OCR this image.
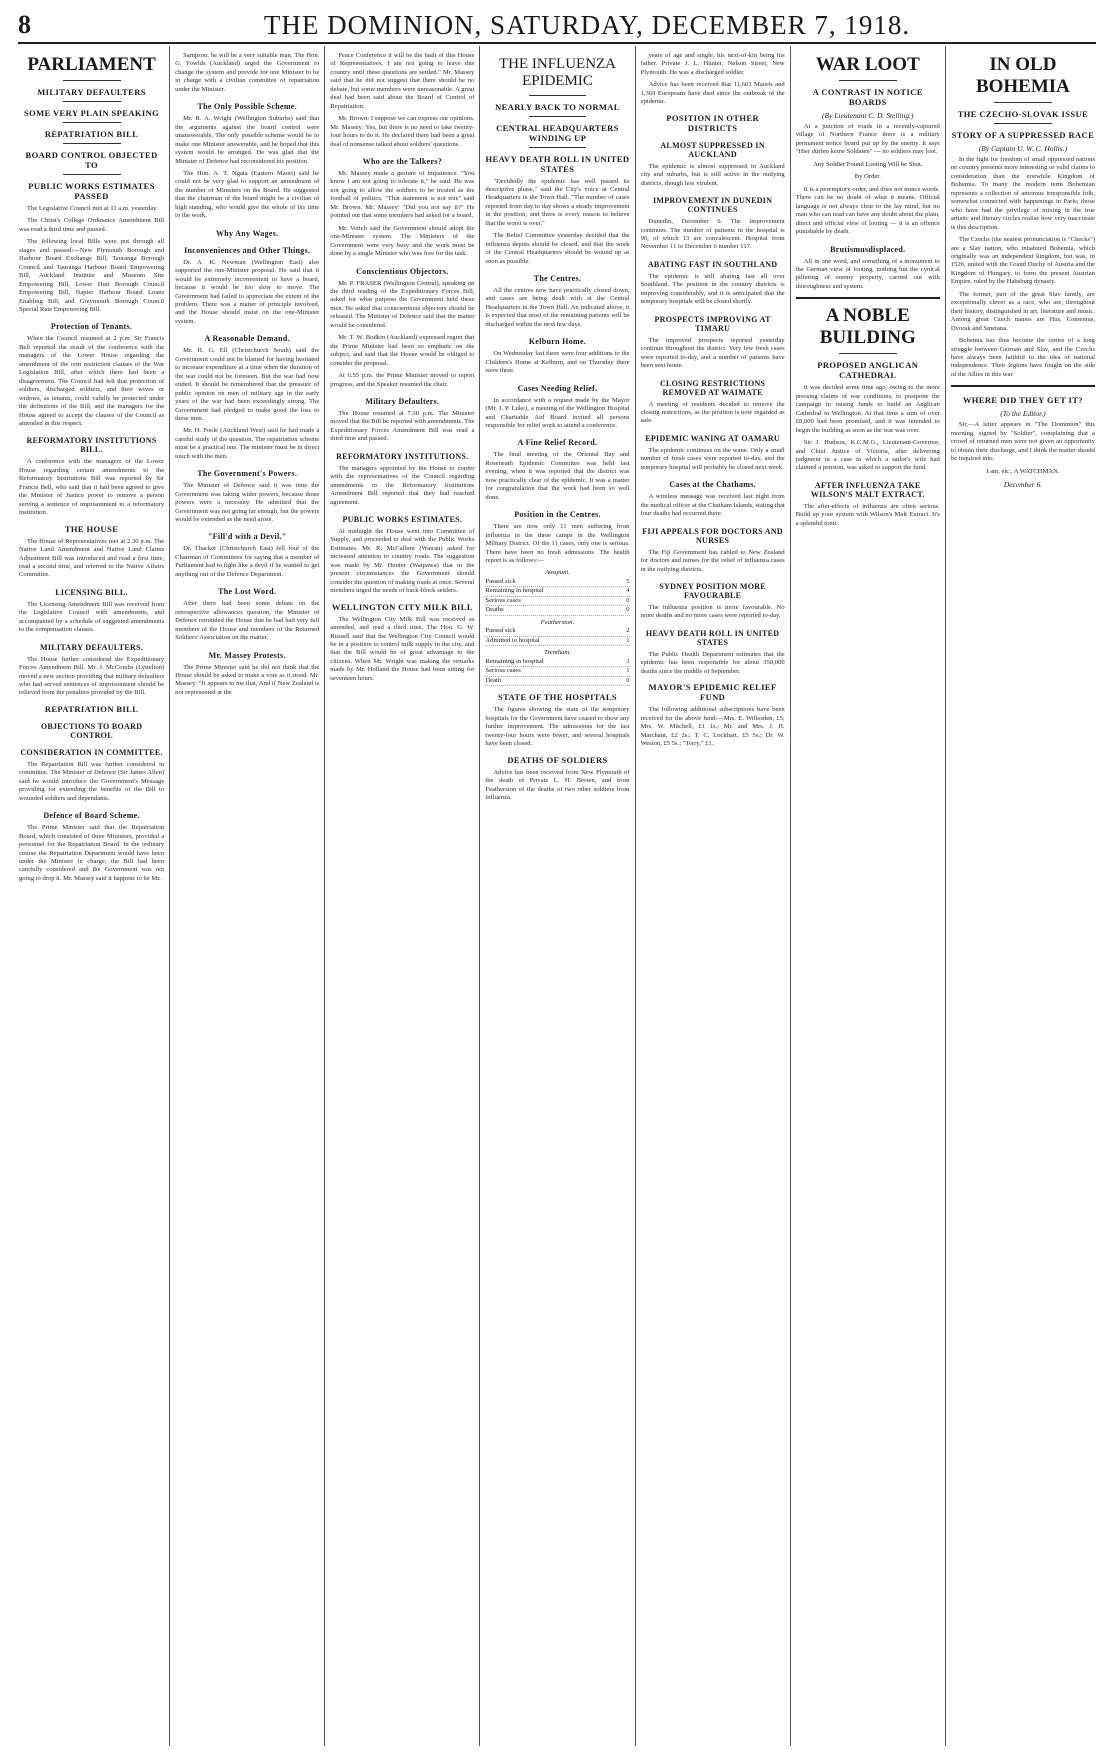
8	THE DOMINION, SATURDAY, DECEMBER 7, 1918.
PARLIAMENT
MILITARY DEFAULTERS
SOME VERY PLAIN SPEAKING
REPATRIATION BILL
BOARD CONTROL OBJECTED TO
PUBLIC WORKS ESTIMATES PASSED

The Legislative Council met at 11 a.m. yesterday.

The Christ's College Ordinance Amendment Bill was read a third time and passed.

The following local Bills were put through all stages and passed:—New Plymouth Borough and Harbour Board Exchange Bill, Tauranga Borough Council and Tauranga Harbour Board Empowering Bill, Auckland Institute and Museum Site Empowering Bill, Lower Hutt Borough Council Empowering Bill, Napier Harbour Board Loans Enabling Bill, and Greymouth Borough Council Special Rate Empowering Bill.

Protection of Tenants.

When the Council resumed at 2 p.m. Sir Francis Bell reported the result of the conference with the managers of the Lower House regarding the amendment of the rent restriction clauses of the War Legislation Bill, after which there had been a disagreement. The Council had felt that protection of soldiers, discharged soldiers, and their wives or widows, as tenants, could validly be protected under the definitions of the Bill, and the managers for the House agreed to accept the clauses of the Council as amended in this respect.

REFORMATORY INSTITUTIONS BILL.

A conference with the managers of the Lower House regarding certain amendments to the Reformatory Institutions Bill was reported by Sir Francis Bell, who said that it had been agreed to give the Minister of Justice power to remove a person serving a sentence of imprisonment to a reformatory institution.

THE HOUSE

The House of Representatives met at 2.30 p.m. The Native Land Amendment and Native Land Claims Adjustment Bill was introduced and read a first time, read a second time, and referred to the Native Affairs Committee.

LICENSING BILL.

The Licensing Amendment Bill was received from the Legislative Council with amendments, and accompanied by a schedule of suggested amendments to the compensation clauses.

MILITARY DEFAULTERS.

The House further considered the Expeditionary Forces Amendment Bill. Mr. J. McCombs (Lyttelton) moved a new section providing that military defaulters who had served sentences of imprisonment should be relieved from the penalties provided by the Bill.

REPATRIATION BILL
OBJECTIONS TO BOARD CONTROL
CONSIDERATION IN COMMITTEE.

The Repatriation Bill was further considered in committee. The Minister of Defence (Sir James Allen) said he would introduce the Government's Message providing for extending the benefits of the Bill to wounded soldiers and dependants.

Defence of Board Scheme.

The Prime Minister said that the Repatriation Board, which consisted of three Ministers, provided a personnel for the Repatriation Board. In the ordinary course the Repatriation Department would have been under the Minister in charge; the Bill had been carefully considered and the Government was not going to drop it. Mr. Massey said it happens to be Mr.

Sampson, he will be a very suitable man. The Hon. G. Fowlds (Auckland) urged the Government to change the system and provide for one Minister to be in charge with a civilian committee of repatriation under the Minister.

The Only Possible Scheme.

Mr. R. A. Wright (Wellington Suburbs) said that the arguments against the board control were unanswerable. The only possible scheme would be to make one Minister answerable, and he hoped that this system would be arranged. He was glad that the Minister of Defence had reconsidered his position.

The Hon. A. T. Ngata (Eastern Maori) said he could not be very glad to support an amendment of the number of Ministers on the Board. He suggested that the chairman of the board might be a civilian of high standing, who would give the whole of his time to the work.

Why Any Wages.
Inconveniences and Other Things.

Dr. A. K. Newman (Wellington East) also supported the one-Minister proposal. He said that it would be extremely inconvenient to have a board, because it would be too slow to move. The Government had failed to appreciate the extent of the problem. There was a matter of principle involved, and the House should insist on the one-Minister system.

A Reasonable Demand.

Mr. H. G. Ell (Christchurch South) said the Government could not be blamed for having hesitated to increase expenditure at a time when the duration of the war could not be foreseen. But the war had now ended. It should be remembered that the pressure of public opinion on men of military age in the early years of the war had been exceedingly strong. The Government had pledged to make good the loss to these men.

Mr. H. Poole (Auckland West) said he had made a careful study of the question. The repatriation scheme must be a practical one. The minister must be in direct touch with the men.

The Government's Powers.

The Minister of Defence said it was time the Government was taking wider powers, because those powers were a necessity. He admitted that the Government was not going far enough, but the powers would be extended as the need arose.

"Fill'd with a Devil."

Dr. Thacker (Christchurch East) fell foul of the Chairman of Committees for saying that a member of Parliament had to fight like a devil if he wanted to get anything out of the Defence Department.

The Lost Word.

After there had been some debate on the retrospective allowances question, the Minister of Defence reminded the House that he had had very full members of the House and members of the Returned Soldiers' Association on the matter.

Mr. Massey Protests.

The Prime Minister said he did not think that the House should be asked to make a vote as it stood. Mr. Massey: "It appears to me that, And if New Zealand is not represented at the

Peace Conference it will be the fault of this House of Representatives. I am not going to leave this country until these questions are settled." Mr. Massey said that he did not suggest that there should be no debate, but some members were unreasonable. A great deal had been said about the Board of Control of Repatriation.

Mr. Brown: I suppose we can express our opinions. Mr. Massey: Yes, but there is no need to take twenty-four hours to do it. He declared there had been a great deal of nonsense talked about soldiers' questions.

Who are the Talkers?

Mr. Massey made a gesture of impatience. "You know I am not going to tolerate it," he said. He was not going to allow the soldiers to be treated as the football of politics. "That statement is not true" said Mr. Brown. Mr. Massey: "Did you not say it?" He pointed out that some members had asked for a board.

Mr. Veitch said the Government should adopt the one-Minister system. The Ministers of the Government were very busy and the work must be done by a single Minister who was free for the task.

Conscientious Objectors.

Mr. P. FRASER (Wellington Central), speaking on the third reading of the Expeditionary Forces Bill, asked for what purpose the Government held these men. He asked that conscientious objectors should be released. The Minister of Defence said that the matter would be considered.

Mr. T. W. Bodkin (Auckland) expressed regret that the Prime Minister had been so emphatic on the subject, and said that the House would be obliged to consider the proposal.

At 6.55 p.m. the Prime Minister moved to report progress, and the Speaker resumed the chair.

Military Defaulters.

The House resumed at 7.30 p.m. The Minister moved that the Bill be reported with amendments. The Expeditionary Forces Amendment Bill was read a third time and passed.

REFORMATORY INSTITUTIONS.

The managers appointed by the House to confer with the representatives of the Council regarding amendments to the Reformatory Institutions Amendment Bill reported that they had reached agreement.

PUBLIC WORKS ESTIMATES.

At midnight the House went into Committee of Supply, and proceeded to deal with the Public Works Estimates. Mr. R. McCallum (Wairau) asked for increased attention to country roads. The suggestion was made by Mr. Hunter (Waipawa) that in the present circumstances the Government should consider the question of making roads at once. Several members urged the needs of back-block settlers.

WELLINGTON CITY MILK BILL

The Wellington City Milk Bill was received as amended, and read a third time. The Hon. G. W. Russell said that the Wellington City Council would be in a position to control milk supply in the city, and that the Bill would be of great advantage to the citizens. When Mr. Wright was making the remarks made by Mr. Holland the House had been sitting for seventeen hours.

THE INFLUENZA EPIDEMIC
NEARLY BACK TO NORMAL
CENTRAL HEADQUARTERS WINDING UP
HEAVY DEATH ROLL IN UNITED STATES

"Decidedly the epidemic has well passed its descriptive phase," said the City's voice at Central Headquarters in the Town Hall. "The number of cases reported from day to day shows a steady improvement in the position, and there is every reason to believe that the worst is over."

The Relief Committee yesterday decided that the influenza depots should be closed, and that the work of the Central Headquarters should be wound up as soon as possible.

The Centres.

All the centres now have practically closed down, and cases are being dealt with at the Central Headquarters in the Town Hall. An indicated above, it is expected that most of the remaining patients will be discharged within the next few days.

Kelburn Home.

On Wednesday last there were four additions to the Children's Home at Kelburn, and on Thursday there were three.

Cases Needing Relief.

In accordance with a request made by the Mayor (Mr. J. P. Luke), a meeting of the Wellington Hospital and Charitable Aid Board invited all persons responsible for relief work to attend a conference.

A Fine Relief Record.

The final meeting of the Oriental Bay and Roseneath Epidemic Committee was held last evening, when it was reported that the district was now practically clear of the epidemic. It was a matter for congratulation that the work had been so well done.

Position in the Centres.

There are now only 11 men suffering from influenza in the three camps in the Wellington Military District. Of the 11 cases, only one is serious. There have been no fresh admissions. The health report is as follows:—

Awapuni.
Passed sick	5
Remaining in hospital	4
Serious cases	0
Deaths	0
Featherston.
Passed sick	2
Admitted to hospital	1
Trentham.
Remaining in hospital	3
Serious cases	1
Death	0
STATE OF THE HOSPITALS

The figures showing the state of the temporary hospitals for the Government have ceased to show any further improvement. The admissions for the last twenty-four hours were fewer, and several hospitals have been closed.

DEATHS OF SOLDIERS

Advice has been received from New Plymouth of the death of Private L. H. Brown, and from Featherston of the deaths of two other soldiers from influenza.

years of age and single, his next-of-kin being his father. Private J. L. Hunter, Nelson Street, New Plymouth. He was a discharged soldier.

Advice has been received that 11,603 Maoris and 1,369 Europeans have died since the outbreak of the epidemic.

POSITION IN OTHER DISTRICTS
ALMOST SUPPRESSED IN AUCKLAND

The epidemic is almost suppressed in Auckland city and suburbs, but is still active in the outlying districts, though less virulent.

IMPROVEMENT IN DUNEDIN CONTINUES

Dunedin, December 6. The improvement continues. The number of patients in the hospital is 96, of which 13 are convalescent. Hospital from November 11 to December 6 number 117.

ABATING FAST IN SOUTHLAND

The epidemic is still abating fast all over Southland. The position in the country districts is improving considerably, and it is anticipated that the temporary hospitals will be closed shortly.

PROSPECTS IMPROVING AT TIMARU

The improved prospects reported yesterday continue throughout the district. Very few fresh cases were reported to-day, and a number of patients have been sent home.

CLOSING RESTRICTIONS REMOVED AT WAIMATE

A meeting of residents decided to remove the closing restrictions, as the position is now regarded as safe.

EPIDEMIC WANING AT OAMARU

The epidemic continues on the wane. Only a small number of fresh cases were reported to-day, and the temporary hospital will probably be closed next week.

Cases at the Chathams.

A wireless message was received last night from the medical officer at the Chatham Islands, stating that four deaths had occurred there.

FIJI APPEALS FOR DOCTORS AND NURSES

The Fiji Government has cabled to New Zealand for doctors and nurses for the relief of influenza cases in the outlying districts.

SYDNEY POSITION MORE FAVOURABLE

The influenza position is more favourable. No more deaths and no more cases were reported to-day.

HEAVY DEATH ROLL IN UNITED STATES

The Public Health Department estimates that the epidemic has been responsible for about 350,000 deaths since the middle of September.

MAYOR'S EPIDEMIC RELIEF FUND

The following additional subscriptions have been received for the above fund:—Mrs. E. Willesden, £5; Mrs. W. Mitchell, £1 1s.; Mr. and Mrs. J. H. Marchant, £2 2s.; T. C. Lockhart, £5 5s.; Dr. W. Weston, £5 5s.; "Terry," £1.

WAR LOOT
A CONTRAST IN NOTICE BOARDS
(By Lieutenant C. D. Stelling.)

At a junction of roads in a recently-captured village of Northern France there is a military permanent notice board put up by the enemy. It says "Hier dürfen keine Soldaten" — no soldiers may loot.

Any Soldier Found Looting Will be Shot.
By Order.

It is a peremptory order, and does not mince words. There can be no doubt of what it means. Official language is not always clear to the lay mind, but no man who can read can have any doubt about the plain, direct and official view of looting — it is an offence punishable by death.

Brutismusdisplaced.

All in one word, and something of a monument to the German view of looting, nothing but the cynical pilfering of enemy property, carried out with thoroughness and system.

A NOBLE BUILDING
PROPOSED ANGLICAN CATHEDRAL

It was decided some time ago, owing to the more pressing claims of war conditions, to postpone the campaign in raising funds to build an Anglican Cathedral in Wellington. At that time a sum of over £8,000 had been promised, and it was intended to begin the building as soon as the war was over.

Sir J. Hudson, K.C.M.G., Lieutenant-Governor, and Chief Justice of Victoria, after delivering judgment in a case in which a sailor's wife had claimed a pension, was asked to support the fund.

AFTER INFLUENZA TAKE WILSON'S MALT EXTRACT.

The after-effects of influenza are often serious. Build up your system with Wilson's Malt Extract. It's a splendid tonic.

IN OLD BOHEMIA
THE CZECHO-SLOVAK ISSUE
STORY OF A SUPPRESSED RACE
(By Captain U. W. C. Hollis.)

In the fight for freedom of small oppressed nations no country presents more interesting or valid claims to consideration than the erstwhile Kingdom of Bohemia. To many the modern term Bohemian represents a collection of amorous irresponsible folk, somewhat connected with happenings in Paris; those who have had the privilege of mixing in the true artistic and literary circles realise how very inaccurate is this description.

The Czechs (the nearest pronunciation is "Checks") are a Slav nation, who inhabited Bohemia, which originally was an independent kingdom, but was, in 1526, united with the Grand Duchy of Austria and the Kingdom of Hungary, to form the present Austrian Empire, ruled by the Habsburg dynasty.

The former, part of the great Slav family, are exceptionally clever as a race, who are, throughout their history, distinguished in art, literature and music. Among great Czech names are Hus, Comenius, Dvorak and Smetana.

Bohemia has thus become the centre of a long struggle between German and Slav, and the Czechs have always been faithful to the idea of national independence. Their legions have fought on the side of the Allies in this war.

WHERE DID THEY GET IT?
(To the Editor.)

Sir,—A letter appears in "The Dominion" this morning, signed by "Soldier", complaining that a crowd of returned men were not given an opportunity to obtain their discharge, and I think the matter should be inquired into.

I am, etc., A WATCHMAN.
December 6.
